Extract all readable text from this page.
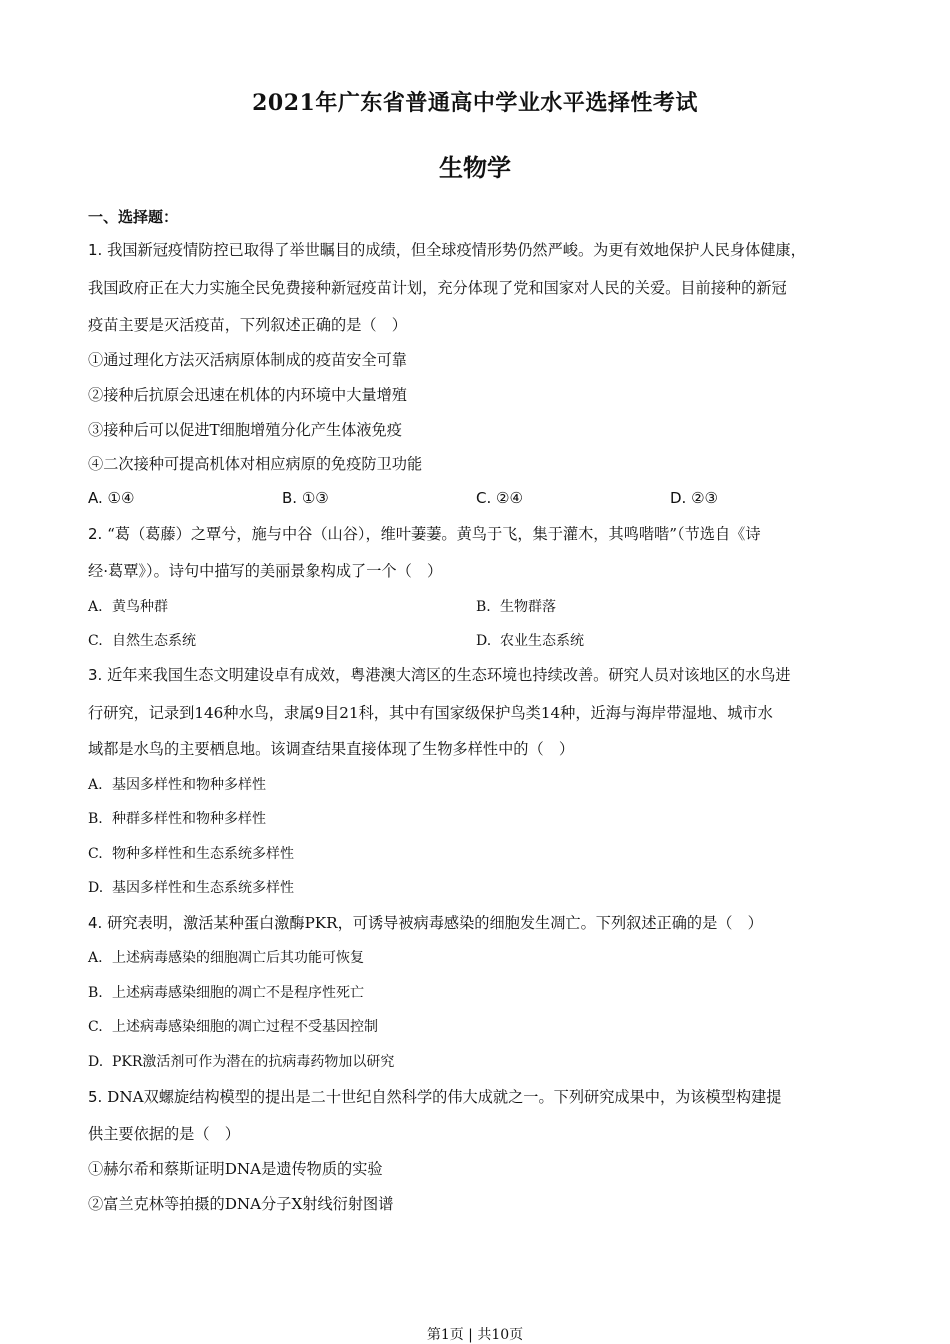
2021年广东省普通高中学业水平选择性考试
生物学
一、选择题：
1. 我国新冠疫情防控已取得了举世瞩目的成绩，但全球疫情形势仍然严峻。为更有效地保护人民身体健康，
我国政府正在大力实施全民免费接种新冠疫苗计划，充分体现了党和国家对人民的关爱。目前接种的新冠
疫苗主要是灭活疫苗，下列叙述正确的是（　）
①通过理化方法灭活病原体制成的疫苗安全可靠
②接种后抗原会迅速在机体的内环境中大量增殖
③接种后可以促进T细胞增殖分化产生体液免疫
④二次接种可提高机体对相应病原的免疫防卫功能
A. ①④	B. ①③	C. ②④	D. ②③
2. “葛（葛藤）之覃兮，施与中谷（山谷），维叶萋萋。黄鸟于飞，集于灌木，其鸣喈喈”（节选自《诗
经·葛覃》）。诗句中描写的美丽景象构成了一个（　）
A. 黄鸟种群	B. 生物群落
C. 自然生态系统	D. 农业生态系统
3. 近年来我国生态文明建设卓有成效，粤港澳大湾区的生态环境也持续改善。研究人员对该地区的水鸟进
行研究，记录到146种水鸟，隶属9目21科，其中有国家级保护鸟类14种，近海与海岸带湿地、城市水
域都是水鸟的主要栖息地。该调查结果直接体现了生物多样性中的（　）
A. 基因多样性和物种多样性
B. 种群多样性和物种多样性
C. 物种多样性和生态系统多样性
D. 基因多样性和生态系统多样性
4. 研究表明，激活某种蛋白激酶PKR，可诱导被病毒感染的细胞发生凋亡。下列叙述正确的是（　）
A. 上述病毒感染的细胞凋亡后其功能可恢复
B. 上述病毒感染细胞的凋亡不是程序性死亡
C. 上述病毒感染细胞的凋亡过程不受基因控制
D. PKR激活剂可作为潜在的抗病毒药物加以研究
5. DNA双螺旋结构模型的提出是二十世纪自然科学的伟大成就之一。下列研究成果中，为该模型构建提
供主要依据的是（　）
①赫尔希和蔡斯证明DNA是遗传物质的实验
②富兰克林等拍摄的DNA分子X射线衍射图谱
第1页 | 共10页
